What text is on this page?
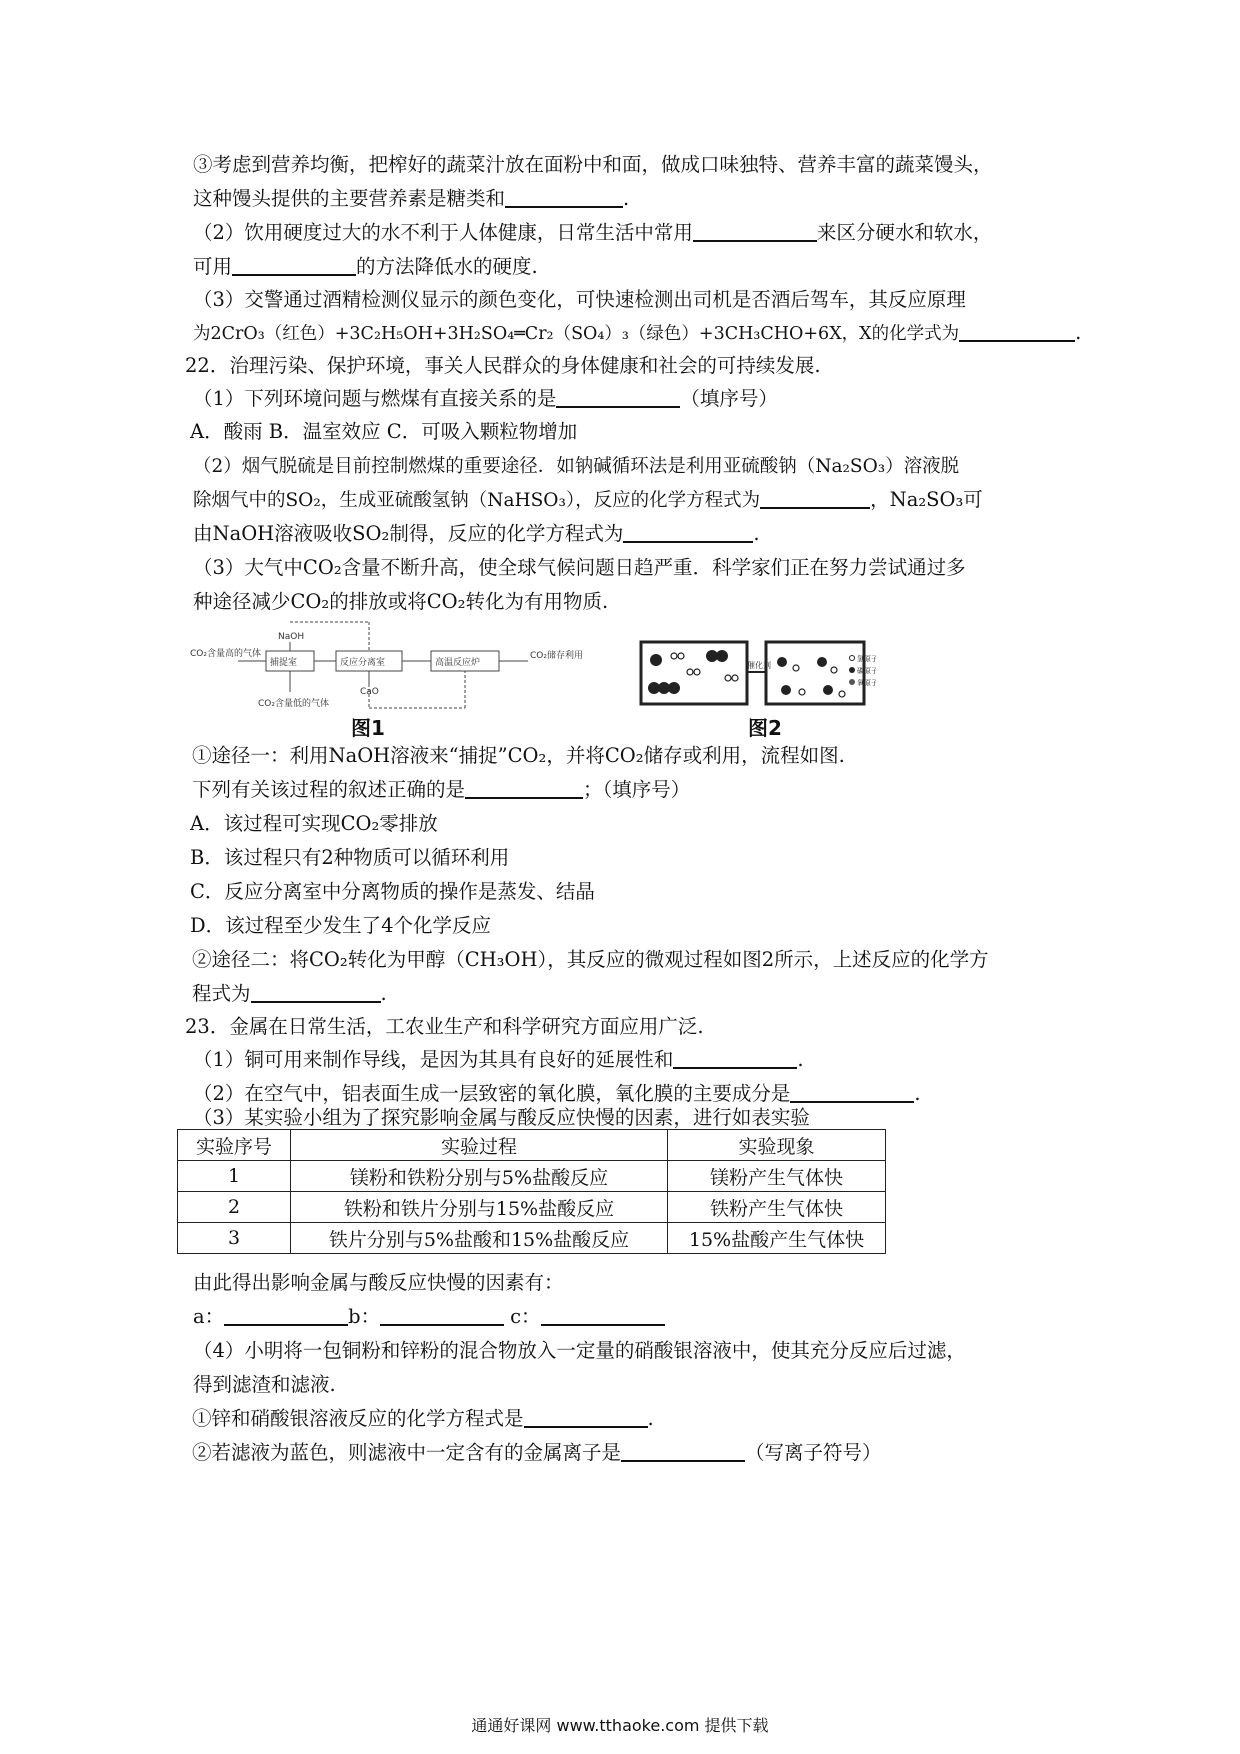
③考虑到营养均衡，把榨好的蔬菜汁放在面粉中和面，做成口味独特、营养丰富的蔬菜馒头，
这种馒头提供的主要营养素是糖类和	.
（2）饮用硬度过大的水不利于人体健康，日常生活中常用	来区分硬水和软水，
可用	的方法降低水的硬度.
（3）交警通过酒精检测仪显示的颜色变化，可快速检测出司机是否酒后驾车，其反应原理
为2CrO₃（红色）+3C₂H₅OH+3H₂SO₄═Cr₂（SO₄）₃（绿色）+3CH₃CHO+6X，X的化学式为	.
22．治理污染、保护环境，事关人民群众的身体健康和社会的可持续发展.
（1）下列环境问题与燃煤有直接关系的是	（填序号）
A．酸雨 B．温室效应 C．可吸入颗粒物增加
（2）烟气脱硫是目前控制燃煤的重要途径．如钠碱循环法是利用亚硫酸钠（Na₂SO₃）溶液脱
除烟气中的SO₂，生成亚硫酸氢钠（NaHSO₃），反应的化学方程式为	，Na₂SO₃可
由NaOH溶液吸收SO₂制得，反应的化学方程式为	.
（3）大气中CO₂含量不断升高，使全球气候问题日趋严重．科学家们正在努力尝试通过多
种途径减少CO₂的排放或将CO₂转化为有用物质.
CO₂含量高的气体
NaOH
捕捉室	反应分离室	高温反应炉
CO₂储存利用
CO₂含量低的气体
CaO
图1
催化剂
氢原子
碳原子
氧原子
图2
①途径一：利用NaOH溶液来“捕捉”CO₂，并将CO₂储存或利用，流程如图.
下列有关该过程的叙述正确的是	；（填序号）
A．该过程可实现CO₂零排放
B．该过程只有2种物质可以循环利用
C．反应分离室中分离物质的操作是蒸发、结晶
D．该过程至少发生了4个化学反应
②途径二：将CO₂转化为甲醇（CH₃OH），其反应的微观过程如图2所示，上述反应的化学方
程式为	.
23．金属在日常生活，工农业生产和科学研究方面应用广泛.
（1）铜可用来制作导线，是因为其具有良好的延展性和	.
（2）在空气中，铝表面生成一层致密的氧化膜，氧化膜的主要成分是	.
（3）某实验小组为了探究影响金属与酸反应快慢的因素，进行如表实验
实验序号	实验过程	实验现象
1	镁粉和铁粉分别与5%盐酸反应	镁粉产生气体快
2	铁粉和铁片分别与15%盐酸反应	铁粉产生气体快
3	铁片分别与5%盐酸和15%盐酸反应	15%盐酸产生气体快
由此得出影响金属与酸反应快慢的因素有：
a：	b：	c：
（4）小明将一包铜粉和锌粉的混合物放入一定量的硝酸银溶液中，使其充分反应后过滤，
得到滤渣和滤液.
①锌和硝酸银溶液反应的化学方程式是	.
②若滤液为蓝色，则滤液中一定含有的金属离子是	（写离子符号）
通通好课网 www.tthaoke.com 提供下载
